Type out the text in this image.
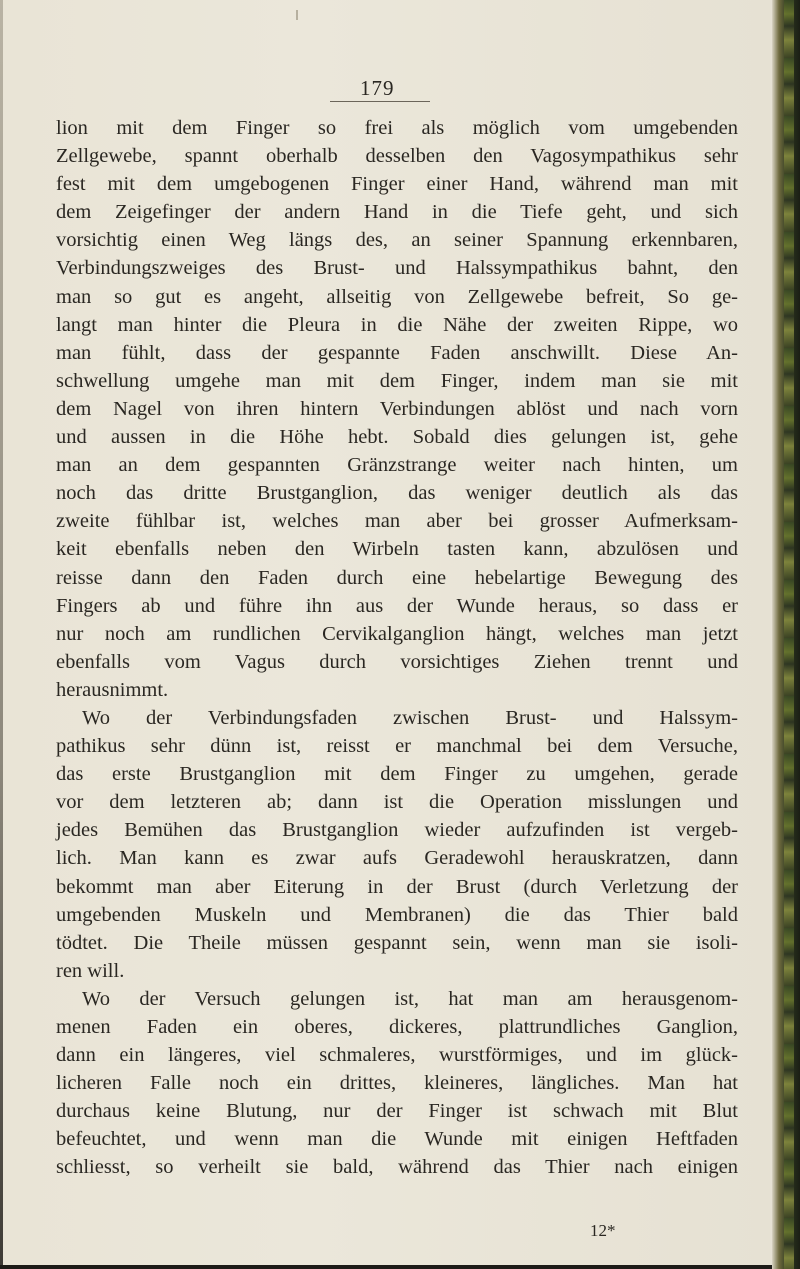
179
lion mit dem Finger so frei als möglich vom umgebenden
Zellgewebe, spannt oberhalb desselben den Vagosympathikus sehr
fest mit dem umgebogenen Finger einer Hand, während man mit
dem Zeigefinger der andern Hand in die Tiefe geht, und sich
vorsichtig einen Weg längs des, an seiner Spannung erkennbaren,
Verbindungszweiges des Brust- und Halssympathikus bahnt, den
man so gut es angeht, allseitig von Zellgewebe befreit, So ge-
langt man hinter die Pleura in die Nähe der zweiten Rippe, wo
man fühlt, dass der gespannte Faden anschwillt. Diese An-
schwellung umgehe man mit dem Finger, indem man sie mit
dem Nagel von ihren hintern Verbindungen ablöst und nach vorn
und aussen in die Höhe hebt. Sobald dies gelungen ist, gehe
man an dem gespannten Gränzstrange weiter nach hinten, um
noch das dritte Brustganglion, das weniger deutlich als das
zweite fühlbar ist, welches man aber bei grosser Aufmerksam-
keit ebenfalls neben den Wirbeln tasten kann, abzulösen und
reisse dann den Faden durch eine hebelartige Bewegung des
Fingers ab und führe ihn aus der Wunde heraus, so dass er
nur noch am rundlichen Cervikalganglion hängt, welches man jetzt
ebenfalls vom Vagus durch vorsichtiges Ziehen trennt und
herausnimmt.
Wo der Verbindungsfaden zwischen Brust- und Halssym-
pathikus sehr dünn ist, reisst er manchmal bei dem Versuche,
das erste Brustganglion mit dem Finger zu umgehen, gerade
vor dem letzteren ab; dann ist die Operation misslungen und
jedes Bemühen das Brustganglion wieder aufzufinden ist vergeb-
lich. Man kann es zwar aufs Geradewohl herauskratzen, dann
bekommt man aber Eiterung in der Brust (durch Verletzung der
umgebenden Muskeln und Membranen) die das Thier bald
tödtet. Die Theile müssen gespannt sein, wenn man sie isoli-
ren will.
Wo der Versuch gelungen ist, hat man am herausgenom-
menen Faden ein oberes, dickeres, plattrundliches Ganglion,
dann ein längeres, viel schmaleres, wurstförmiges, und im glück-
licheren Falle noch ein drittes, kleineres, längliches. Man hat
durchaus keine Blutung, nur der Finger ist schwach mit Blut
befeuchtet, und wenn man die Wunde mit einigen Heftfaden
schliesst, so verheilt sie bald, während das Thier nach einigen
12*
